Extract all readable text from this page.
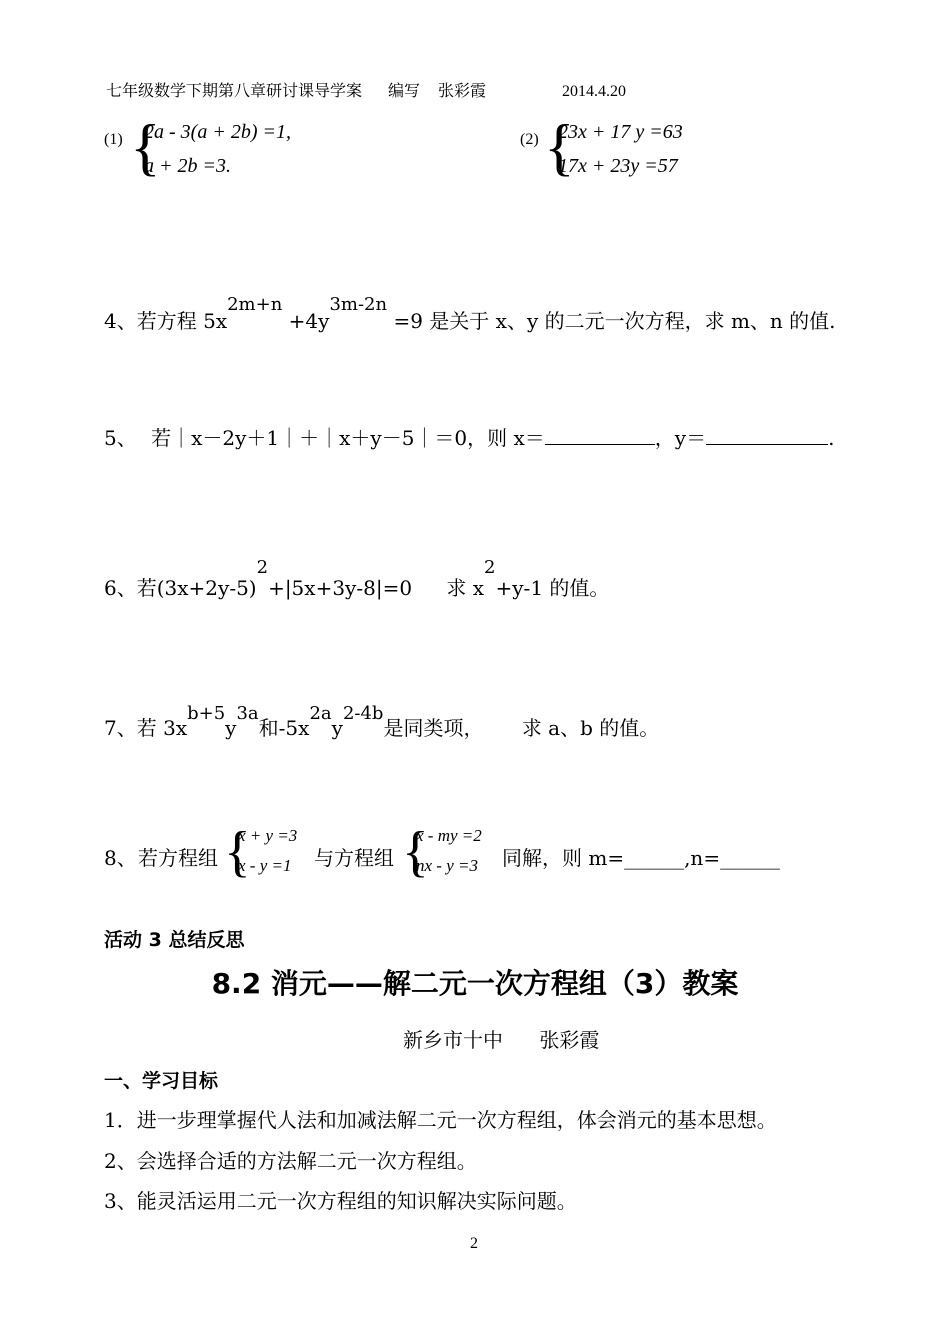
七年级数学下期第八章研讨课导学案 编写 张彩霞	2014.4.20
(1) {
2a - 3(a + 2b) =1,
a + 2b =3.
(2) {
23x + 17 y =63
17x + 23y =57
4、若方程 5x2m+n +4y3m-2n =9 是关于 x、y 的二元一次方程，求 m、n 的值.
5、 若｜x－2y＋1｜＋｜x＋y－5｜＝0，则 x＝	，y＝	.
6、若(3x+2y-5)2+|5x+3y-8|=0 求 x2+y-1 的值。
7、若 3xb+5y3a和-5x2ay2-4b是同类项， 求 a、b 的值。
8、 若方程组 {
x + y =3
x - y =1 与方程组 {
x - my =2
nx - y =3 同解，则 m=______,n=______
活动 3 总结反思
8.2 消元——解二元一次方程组（3）教案
新乡市十中 张彩霞
一、学习目标
1．进一步理掌握代人法和加减法解二元一次方程组，体会消元的基本思想。
2、会选择合适的方法解二元一次方程组。
3、能灵活运用二元一次方程组的知识解决实际问题。
2
